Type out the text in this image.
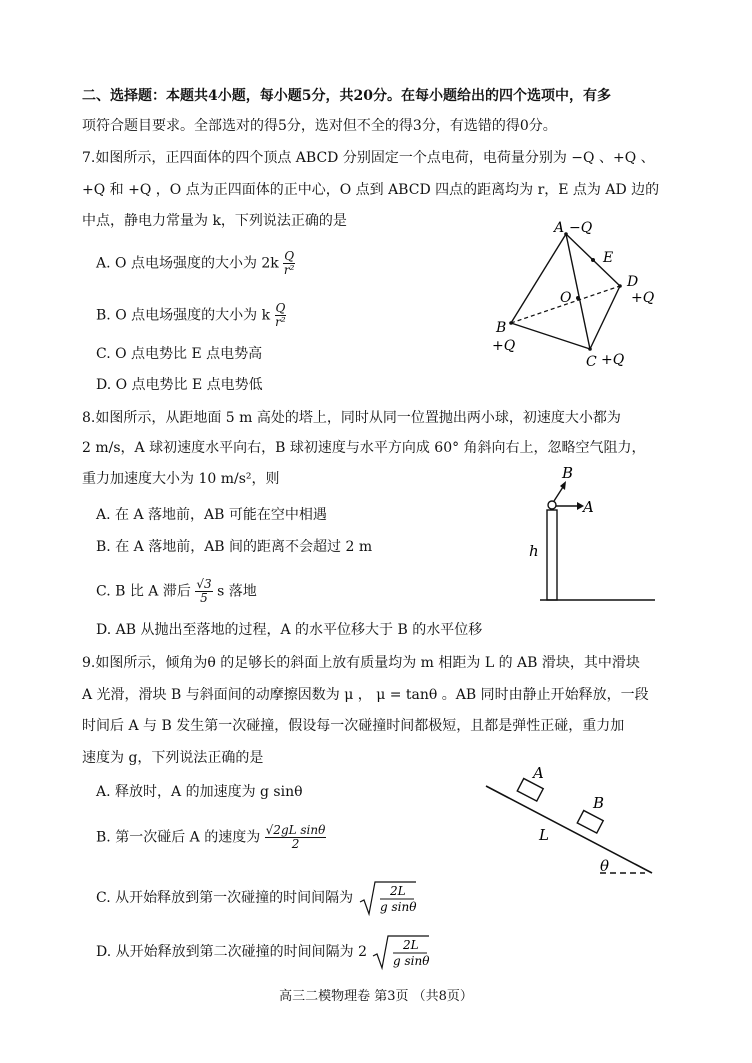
二、选择题：本题共4小题，每小题5分，共20分。在每小题给出的四个选项中，有多
项符合题目要求。全部选对的得5分，选对但不全的得3分，有选错的得0分。
7.如图所示，正四面体的四个顶点 ABCD 分别固定一个点电荷，电荷量分别为 −Q 、+Q 、
+Q 和 +Q ，O 点为正四面体的正中心，O 点到 ABCD 四点的距离均为 r，E 点为 AD 边的
中点，静电力常量为 k，下列说法正确的是
A. O 点电场强度的大小为 $2k \frac{Q}{\text{r²}}$
B. O 点电场强度的大小为 k $\frac{Q}{\text{r²}}$
C. O 点电势比 E 点电势高
D. O 点电势比 E 点电势低
A −Q
E
D
+Q
O
B
+Q
C +Q
8.如图所示，从距地面 5 m 高处的塔上，同时从同一位置抛出两小球，初速度大小都为
2 m/s，A 球初速度水平向右，B 球初速度与水平方向成 60° 角斜向右上，忽略空气阻力，
重力加速度大小为 10 m/s²，则
A. 在 A 落地前，AB 可能在空中相遇
B. 在 A 落地前，AB 间的距离不会超过 2 m
C. B 比 A 滞后 $\frac{√3}{5}$ s 落地
D. AB 从抛出至落地的过程，A 的水平位移大于 B 的水平位移
B
A
h
9.如图所示，倾角为θ 的足够长的斜面上放有质量均为 m 相距为 L 的 AB 滑块，其中滑块
A 光滑，滑块 B 与斜面间的动摩擦因数为 μ ， μ = tanθ 。AB 同时由静止开始释放，一段
时间后 A 与 B 发生第一次碰撞，假设每一次碰撞时间都极短，且都是弹性正碰，重力加
速度为 g，下列说法正确的是
A. 释放时，A 的加速度为 g sinθ
B. 第一次碰后 A 的速度为 $\frac{\text{√2gL sinθ}}{2}$
C. 从开始释放到第一次碰撞的时间间隔为	2L
g sinθ
D. 从开始释放到第二次碰撞的时间间隔为 2	2L
g sinθ
A
B
L
θ
高三二模物理卷 第3页 （共8页）
